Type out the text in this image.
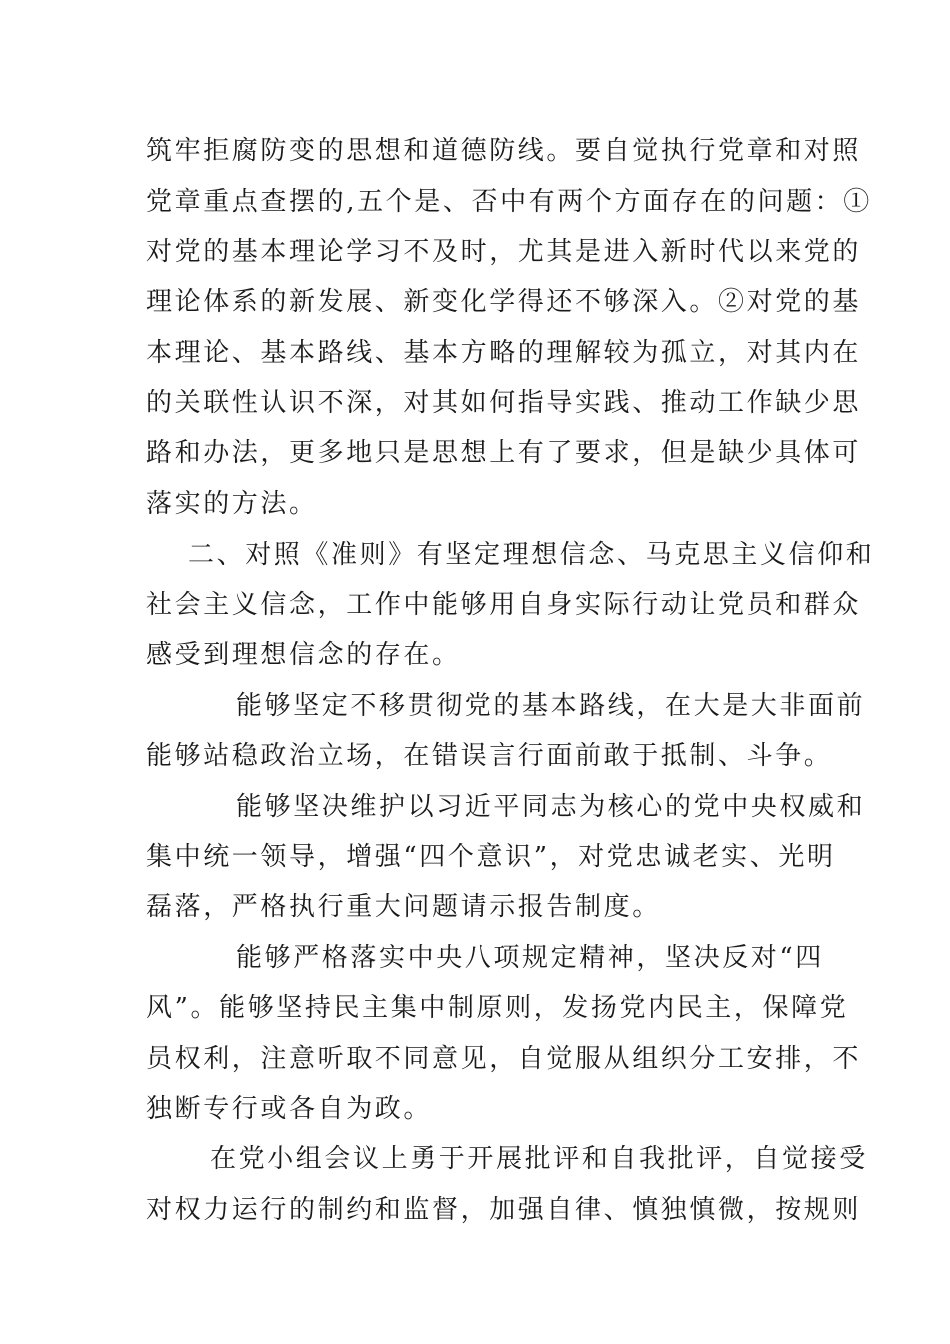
筑牢拒腐防变的思想和道德防线。要自觉执行党章和对照
党章重点查摆的,五个是、否中有两个方面存在的问题：①
对党的基本理论学习不及时，尤其是进入新时代以来党的
理论体系的新发展、新变化学得还不够深入。②对党的基
本理论、基本路线、基本方略的理解较为孤立，对其内在
的关联性认识不深，对其如何指导实践、推动工作缺少思
路和办法，更多地只是思想上有了要求，但是缺少具体可
落实的方法。
二、对照《准则》有坚定理想信念、马克思主义信仰和
社会主义信念，工作中能够用自身实际行动让党员和群众
感受到理想信念的存在。
能够坚定不移贯彻党的基本路线，在大是大非面前
能够站稳政治立场，在错误言行面前敢于抵制、斗争。
能够坚决维护以习近平同志为核心的党中央权威和
集中统一领导，增强“四个意识”，对党忠诚老实、光明
磊落，严格执行重大问题请示报告制度。
能够严格落实中央八项规定精神，坚决反对“四
风”。能够坚持民主集中制原则，发扬党内民主，保障党
员权利，注意听取不同意见，自觉服从组织分工安排，不
独断专行或各自为政。
在党小组会议上勇于开展批评和自我批评，自觉接受
对权力运行的制约和监督，加强自律、慎独慎微，按规则
